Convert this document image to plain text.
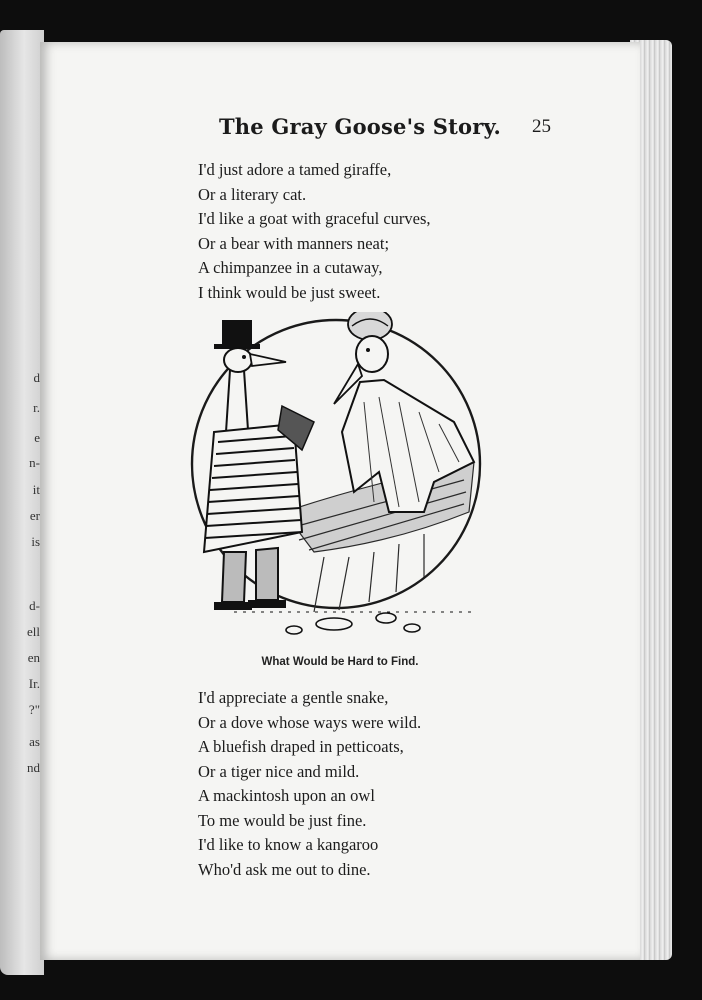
d
r.
e
n-
it
er
is
d-
ell
en
Ir.
?"
as
nd
The Gray Goose's Story.	25
I'd just adore a tamed giraffe,
Or a literary cat.
I'd like a goat with graceful curves,
Or a bear with manners neat;
A chimpanzee in a cutaway,
I think would be just sweet.
What Would be Hard to Find.
I'd appreciate a gentle snake,
Or a dove whose ways were wild.
A bluefish draped in petticoats,
Or a tiger nice and mild.
A mackintosh upon an owl
To me would be just fine.
I'd like to know a kangaroo
Who'd ask me out to dine.
